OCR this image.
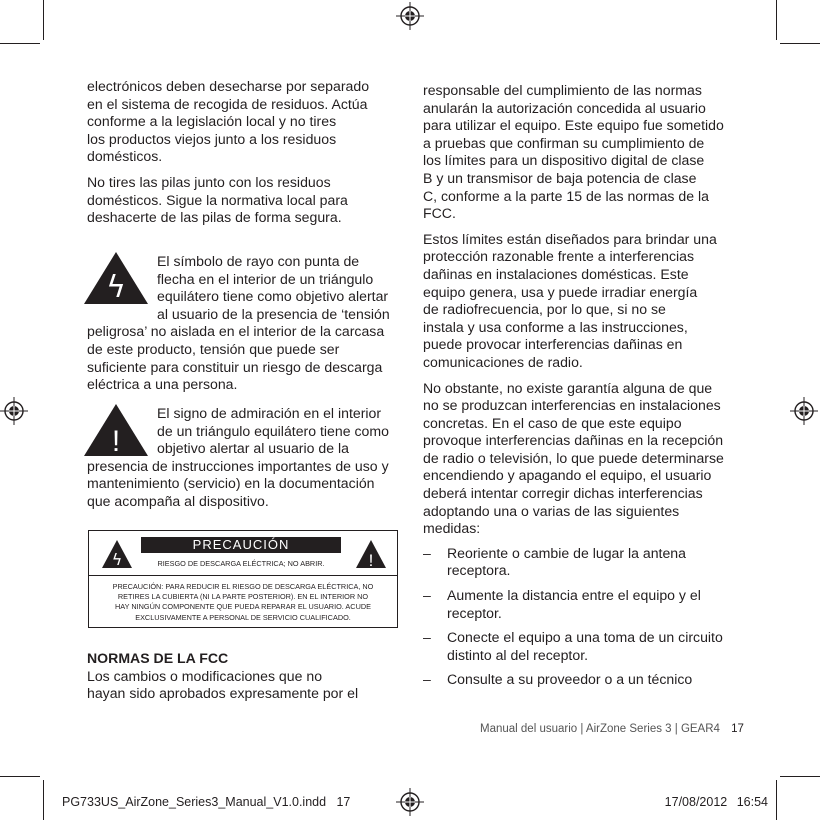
electrónicos deben desecharse por separado
en el sistema de recogida de residuos. Actúa
conforme a la legislación local y no tires
los productos viejos junto a los residuos
domésticos.
No tires las pilas junto con los residuos
domésticos. Sigue la normativa local para
deshacerte de las pilas de forma segura.
ϟ
El símbolo de rayo con punta de
flecha en el interior de un triángulo
equilátero tiene como objetivo alertar
al usuario de la presencia de ‘tensión
peligrosa’ no aislada en el interior de la carcasa
de este producto, tensión que puede ser
suficiente para constituir un riesgo de descarga
eléctrica a una persona.
!
El signo de admiración en el interior
de un triángulo equilátero tiene como
objetivo alertar al usuario de la
presencia de instrucciones importantes de uso y
mantenimiento (servicio) en la documentación
que acompaña al dispositivo.
ϟ
PRECAUCIÓN
RIESGO DE DESCARGA ELÉCTRICA; NO ABRIR.	!
PRECAUCIÓN: PARA REDUCIR EL RIESGO DE DESCARGA ELÉCTRICA, NO
RETIRES LA CUBIERTA (NI LA PARTE POSTERIOR). EN EL INTERIOR NO
HAY NINGÚN COMPONENTE QUE PUEDA REPARAR EL USUARIO. ACUDE
EXCLUSIVAMENTE A PERSONAL DE SERVICIO CUALIFICADO.
NORMAS DE LA FCC
Los cambios o modificaciones que no
hayan sido aprobados expresamente por el
responsable del cumplimiento de las normas
anularán la autorización concedida al usuario
para utilizar el equipo. Este equipo fue sometido
a pruebas que confirman su cumplimiento de
los límites para un dispositivo digital de clase
B y un transmisor de baja potencia de clase
C, conforme a la parte 15 de las normas de la
FCC.
Estos límites están diseñados para brindar una
protección razonable frente a interferencias
dañinas en instalaciones domésticas. Este
equipo genera, usa y puede irradiar energía
de radiofrecuencia, por lo que, si no se
instala y usa conforme a las instrucciones,
puede provocar interferencias dañinas en
comunicaciones de radio.
No obstante, no existe garantía alguna de que
no se produzcan interferencias en instalaciones
concretas. En el caso de que este equipo
provoque interferencias dañinas en la recepción
de radio o televisión, lo que puede determinarse
encendiendo y apagando el equipo, el usuario
deberá intentar corregir dichas interferencias
adoptando una o varias de las siguientes
medidas:
– Reoriente o cambie de lugar la antena
receptora.
– Aumente la distancia entre el equipo y el
receptor.
– Conecte el equipo a una toma de un circuito
distinto al del receptor.
– Consulte a su proveedor o a un técnico
Manual del usuario | AirZone Series 3 | GEAR4 17
PG733US_AirZone_Series3_Manual_V1.0.indd   17	17/08/2012 16:54
